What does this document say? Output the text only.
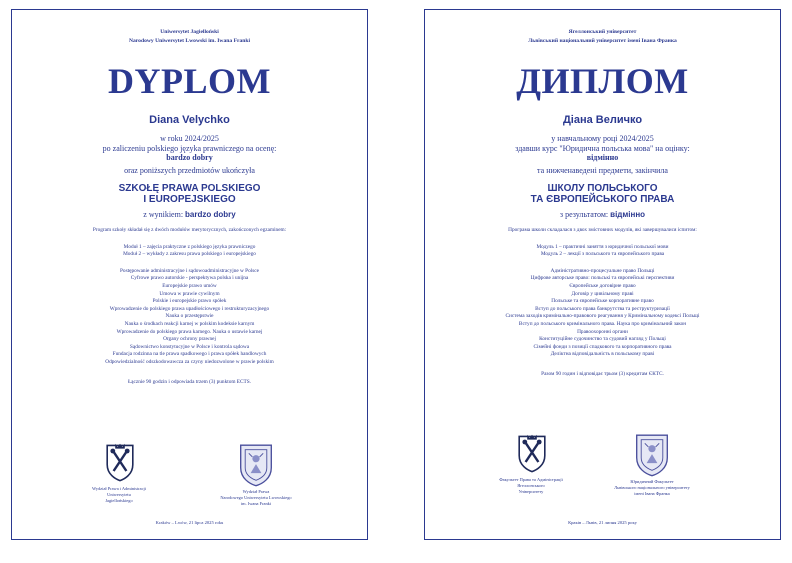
Uniwersytet Jagielloński
Narodowy Uniwersytet Lwowski im. Iwana Franki
DYPLOM
Diana Velychko
w roku 2024/2025
po zaliczeniu polskiego języka prawniczego na ocenę:
bardzo dobry
oraz poniższych przedmiotów ukończyła
SZKOŁĘ PRAWA POLSKIEGO
I EUROPEJSKIEGO
z wynikiem: bardzo dobry
Program szkoły składał się z dwóch modułów merytorycznych, zakończonych egzaminem:
Moduł 1 – zajęcia praktyczne z polskiego języka prawniczego
Moduł 2 – wykłady z zakresu prawa polskiego i europejskiego
Postępowanie administracyjne i sądowoadministracyjne w Polsce
Cyfrowe prawo autorskie - perspektywa polska i unijna
Europejskie prawo umów
Umowa w prawie cywilnym
Polskie i europejskie prawo spółek
Wprowadzenie do polskiego prawa upadłościowego i restrukturyzacyjnego
Nauka o przestępstwie
Nauka o środkach reakcji karnej w polskim kodeksie karnym
Wprowadzenie do polskiego prawa karnego. Nauka o ustawie karnej
Organy ochrony prawnej
Sądownictwo konstytucyjne w Polsce i kontrola sądowa
Fundacja rodzinna na tle prawa spadkowego i prawa spółek handlowych
Odpowiedzialność odszkodowawcza za czyny niedozwolone w prawie polskim
Łącznie 90 godzin i odpowiada trzem (3) punktom ECTS.
Wydział Prawa i Administracji
Uniwersytetu
Jagiellońskiego
Wydział Prawa
Narodowego Uniwersytetu Lwowskiego
im. Iwana Franki
Kraków – Lwów, 21 lipca 2025 roku
Ягеллонський університет
Львівський національний університет імені Івана Франка
ДИПЛОМ
Діана Величко
у навчальному році 2024/2025
здавши курс "Юридична польська мова" на оцінку:
відмінно
та нижченаведені предмети, закінчила
ШКОЛУ ПОЛЬСЬКОГО
ТА ЄВРОПЕЙСЬКОГО ПРАВА
з результатом: відмінно
Програма школи складалася з двох змістовних модулів, які завершувалися іспитом:
Модуль 1 – практичні заняття з юридичної польської мови
Модуль 2 – лекції з польського та європейського права
Адміністративно-процесуальне право Польщі
Цифрове авторське право: польські та європейські перспективи
Європейське договірне право
Договір у цивільному праві
Польське та європейське корпоративне право
Вступ до польського права банкрутства та реструктуризації
Система заходів кримінально-правового реагування у Кримінальному кодексі Польщі
Вступ до польського кримінального права. Наука про кримінальний закон
Правоохоронні органи
Конституційне судочинство та судовий нагляд у Польщі
Сімейні фонди з позиції спадкового та корпоративного права
Деліктна відповідальність в польському праві
Разом 90 годин і відповідає трьом (3) кредитам ЄКТС.
Факультет Права та Адміністрації
Ягеллонського
Університету
Юридичний Факультет
Львівського національного університету
імені Івана Франка
Краків – Львів, 21 липня 2025 року
